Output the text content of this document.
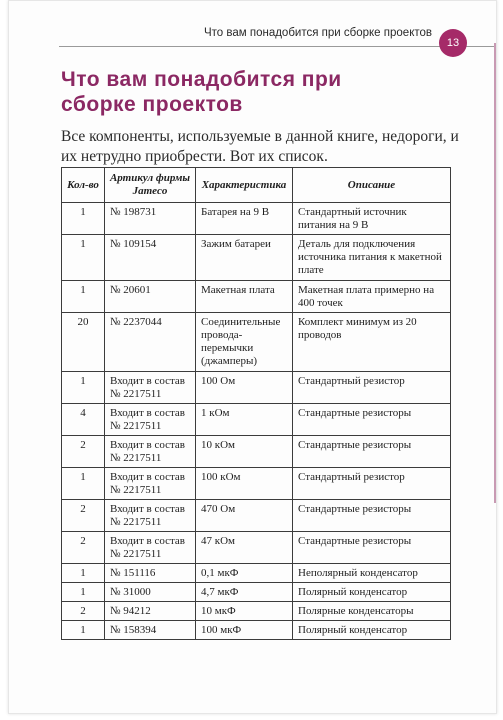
Что вам понадобится при сборке проектов
13
Что вам понадобится при
сборке проектов

Все компоненты, используемые в данной книге, недороги, и их нетрудно приобрести. Вот их список.

Кол-во	Артикул фирмы Jameco	Характеристика	Описание
1	№ 198731	Батарея на 9 В	Стандартный источник питания на 9 В
1	№ 109154	Зажим батареи	Деталь для подключения источника питания к макетной плате
1	№ 20601	Макетная плата	Макетная плата примерно на 400 точек
20	№ 2237044	Соединительные провода-перемычки (джамперы)	Комплект минимум из 20 проводов
1	Входит в состав № 2217511	100 Ом	Стандартный резистор
4	Входит в состав № 2217511	1 кОм	Стандартные резисторы
2	Входит в состав № 2217511	10 кОм	Стандартные резисторы
1	Входит в состав № 2217511	100 кОм	Стандартный резистор
2	Входит в состав № 2217511	470 Ом	Стандартные резисторы
2	Входит в состав № 2217511	47 кОм	Стандартные резисторы
1	№ 151116	0,1 мкФ	Неполярный конденсатор
1	№ 31000	4,7 мкФ	Полярный конденсатор
2	№ 94212	10 мкФ	Полярные конденсаторы
1	№ 158394	100 мкФ	Полярный конденсатор
